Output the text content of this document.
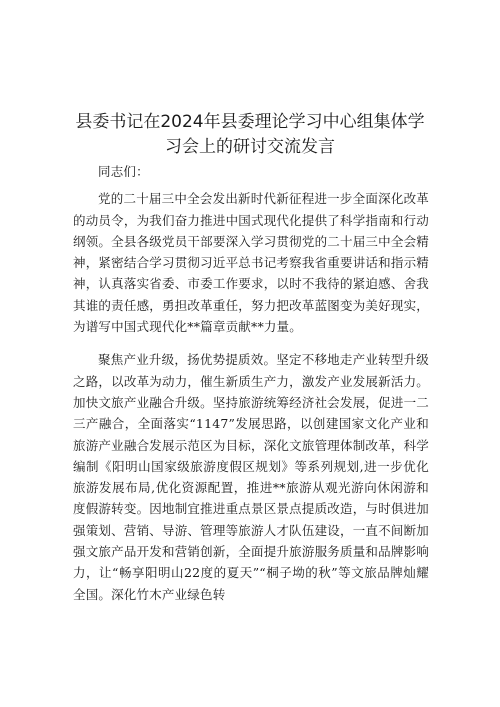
县委书记在2024年县委理论学习中心组集体学
习会上的研讨交流发言

同志们：

党的二十届三中全会发出新时代新征程进一步全面深化改革的动员令，为我们奋力推进中国式现代化提供了科学指南和行动纲领。全县各级党员干部要深入学习贯彻党的二十届三中全会精神，紧密结合学习贯彻习近平总书记考察我省重要讲话和指示精神，认真落实省委、市委工作要求，以时不我待的紧迫感、舍我其谁的责任感，勇担改革重任，努力把改革蓝图变为美好现实，为谱写中国式现代化**篇章贡献**力量。

聚焦产业升级，扬优势提质效。坚定不移地走产业转型升级之路，以改革为动力，催生新质生产力，激发产业发展新活力。加快文旅产业融合升级。坚持旅游统筹经济社会发展，促进一二三产融合，全面落实“1147”发展思路，以创建国家文化产业和旅游产业融合发展示范区为目标，深化文旅管理体制改革，科学编制《阳明山国家级旅游度假区规划》等系列规划,进一步优化旅游发展布局,优化资源配置，推进**旅游从观光游向休闲游和度假游转变。因地制宜推进重点景区景点提质改造，与时俱进加强策划、营销、导游、管理等旅游人才队伍建设，一直不间断加强文旅产品开发和营销创新，全面提升旅游服务质量和品牌影响力，让“畅享阳明山22度的夏天”“桐子坳的秋”等文旅品牌灿耀全国。深化竹木产业绿色转
